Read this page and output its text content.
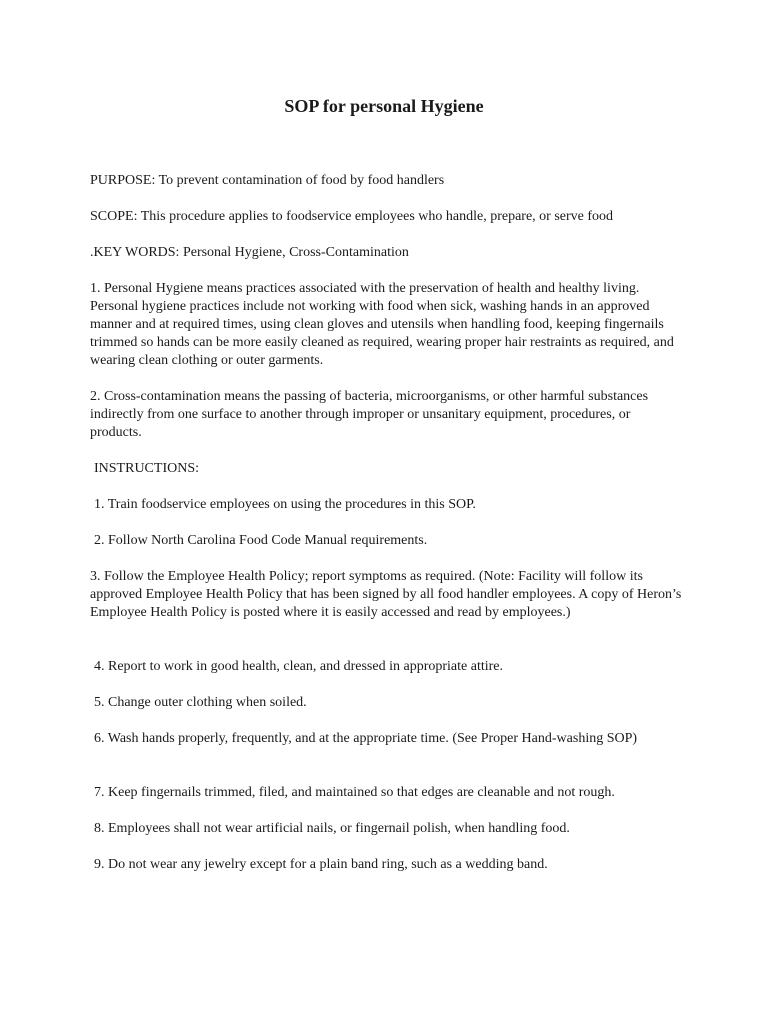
SOP for personal Hygiene

PURPOSE: To prevent contamination of food by food handlers

SCOPE: This procedure applies to foodservice employees who handle, prepare, or serve food

.KEY WORDS: Personal Hygiene, Cross-Contamination

1. Personal Hygiene means practices associated with the preservation of health and healthy living. Personal hygiene practices include not working with food when sick, washing hands in an approved manner and at required times, using clean gloves and utensils when handling food, keeping fingernails trimmed so hands can be more easily cleaned as required, wearing proper hair restraints as required, and wearing clean clothing or outer garments.

2. Cross-contamination means the passing of bacteria, microorganisms, or other harmful substances indirectly from one surface to another through improper or unsanitary equipment, procedures, or products.

INSTRUCTIONS:

1. Train foodservice employees on using the procedures in this SOP.

2. Follow North Carolina Food Code Manual requirements.

3. Follow the Employee Health Policy; report symptoms as required. (Note: Facility will follow its approved Employee Health Policy that has been signed by all food handler employees. A copy of Heron’s Employee Health Policy is posted where it is easily accessed and read by employees.)

4. Report to work in good health, clean, and dressed in appropriate attire.

5. Change outer clothing when soiled.

6. Wash hands properly, frequently, and at the appropriate time. (See Proper Hand-washing SOP)

7. Keep fingernails trimmed, filed, and maintained so that edges are cleanable and not rough.

8. Employees shall not wear artificial nails, or fingernail polish, when handling food.

9. Do not wear any jewelry except for a plain band ring, such as a wedding band.
